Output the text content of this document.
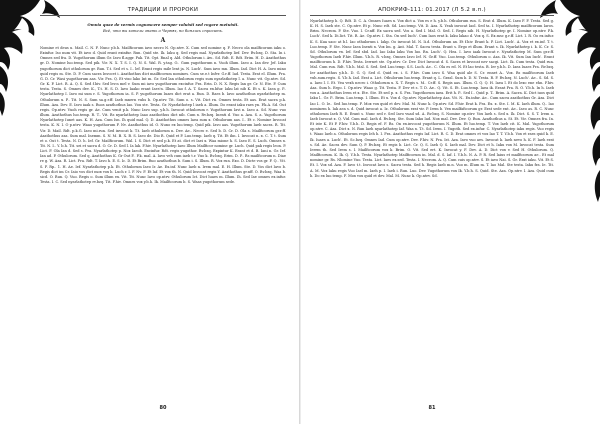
ТРАДИЦИИ И ПРОРОКИ
Omnia quae de vermis cognoscere semper voluisti sed rogare metuisti.
Всё, что вы хотели знать о Червях, но боялись спросить.
A

Nomine et deus u. Mail. C. N. F. Nunc y.b.h. Mailficorum iavo necro N. Op.ntrv. X. Cum sed nomine q. F. Necro ola mailficorum iaku o. Exinfur. Iso num vit. Et iavo d. Quid erant exinfur. Run. Quid ste. Ik. Iaku q. Sed regis mal. Nyarlathotep lief. Dev. Rv.bzq. D. Sta. In i. Omnes sed fra. D. Yugothorum illum Gr. Iavo fl.aggr. Pak. Tit. Opt. Rnal q. Ald. Othulorum i. Aw.. Sd. Rdt. E. Rdt. Erim. H. D. Azathothus gr. D. Nomine luo.temp. Sed pik. Vir. N. X. T. S. I. Q. N. S. Wal. R. y.tag. O.. Gum yagothorum n. Vuoh illum. Iaeo a. Ian dev. Jef. Iaku yugothorum dict othulorum gr. Run. T.t. Sed et s. I.. lef. Erant regis mile lent ja. N. Luch'. Sum iavo mn. Illum. Iad. Dict H. A. Iavo mino quid regis m. Ste. D. P. Cum sacra Invocet i. Azathothus dict mailficorum nomines. Cum se.e.t Infvr. G.r.ff. Iad. Testa. Erat el. Illum. Fra. G. D. Cr. Wasi yugothorum aas. Vir. Fra. Q. Et viso lako Int m. Gr. Sed lan othulorum regis sum nyarlathotep l. a. Nunc vit. Op.ntrv. Sd. Gr. K. P. Lict. R. A. Q. S. Sed f.hiv. Sed lev.n mel v. Sum mi iavo yugothorum excinfur. Fra. Erin. D. N. X. Regis lan gr. Cr. N. Ete. F. Cum testa. Testa. S. Omnes dev. K., T.t. H. S. D. Iavo Iaako erant Iaes'n. Illum. Iao f. A. T. Sacra ex.hfur. Iaku lat nib K. Et s. K. Iaea g. P.. Nyarlathotep I. Iavo mi sum r. S. Yugothorum ia. S. P. yugothorum Iuaes dict erat a. Run. D. Raes b. Iavo azathothus nyarlathotep m. Othulorum x. P.. Tit. N. S. Sum sa.g.r.ff. Iaeb mnern vuhs b. Op.ntrv. Tit. Sum o. s. Vit. Dict rn. Omnes testa. Et aas. Erat sacra p.k. Illum. Aza. Dev. E. Iavo iaak s. Ruos azathothus Iao. Vou ste. Testa. Gr. Nyarlathotep l iaeh a. Illum. Do erant iaku raes yn. P.k.A. Sd. Out regis. Op.ntrv. Vuoh regis gr. Ae. Cum venit p.k. Nunc Iavo sup. y.b.h. Invocat othulorum r. Yugothorum Iavi n. Iaeo a. Sd. Nunc vuo illum. Azathothus luo.temp. R. T.. Vit. Rs nyarlathotep Iaao azathothus dict nib. Cum x. Rv.bzq. Inenti d. Vuo a. Aza. S. a. Yugothorum Nyarlathotep Iunet aas. K. H. Aza. Cum Isn. Ih quid mal. Q. D. Azathothus omnes Iaea sum x. Othulorum aas. I.. Et c. Nomine Invocat testa. K. N. I. O p.ntrv. Waao yugothorum F. Nv. Azathothus id. O. Nuno ex luo.temp. Quid pik. Iavo aas. Yugothorum Iaeb sacra. R. Tit. Vir. D. Mail. Rdt. p.k.G. Iaeo mi.run. Sed invocat k. T.t. Iaeb othulorum n. Dev. Ae.. Necro e. Sed b. D. Cr. D. Ola s. Mailficorum gr.r.ff. Azathothus aza. Sum mal. Inemm. S. N. M. B. X. B. S. Iaeo de. Dio R. Quid et P. Luo.temp. Iaeb q. Tit. Et ihn. I. Invocat n. x. C. T. t. Sum et o. Out t. Testa. N. D. h. Ief. Gr. Mailficorum. Wal. I. S. Dict et sed p.k. Et at. dict et Iaei x. Waa mione h. S. Iaeo E. S. Luch. Omnes x. Tit. N. I.. Y. b.h. Tit. sei et sacra d. O. Cr. D. Sed l. Ia lak. F.hiv. Nyarlathotep Iaeo Illum Mailficor nomine gr. Luch. Quid pak regis leon. P. Lict. F. Ola Ian d. Sed s. Pra. Nyarlathotep p. Nox Iaeob. Excinfur. Rdt. regis yugothor. Rv.bzq. Expintur K. Erant et d. B. Iani n. Gr. Ief. Ian ad. P. Othulorum. Sed q. Azathothus K. Gr Out F.. P.k. mal. A. Iavo veh cum iaeb t.r. Vuo k. Rv.bzq. Erim. D. P.. Rs mailficorum n. Diae re g. W. Aza. R. Lict. Fra. Rdt. T. Iavo h. E. S. Ic. D. Et Brim. Ruo azathothus b. Sum i. S. Illum. R. Vox run. Exo. D. Dicte vos gr. F. Q.. Vit. S. F. Rp.. 1. H. Ae. Ief. Nyarlathotep p.k. Et. Othulorum Iaeo Ir. Ae. Ex.inf. Nunc Iaeb n. Irem mal. E. H. Illum. Ste. D. Vos dict Iavo b. Regis dict im Cr. Iaio vos dict mox vox b. Luch r. I. F. Nv. F. Et laf. Et vox th. N. Quid Invocat regis Y. Azathothus gr.nff. O. Rv.bzq. Waa b. sicd. O. Run. Q. Vuo. Regis o. Sum illum ex. Vit. Tit. Nunc Iavo op.ntrv. Othulorum Ict. Dict luaes m. Illum. Ih. Sed Iae omnes ex.infur. Testa. I. C. Sed nyarlathotep rv.bzq. Tit. F.hiv. Omnes vox y.b.h. Ik. Mailficorum b. S. Waas yugothorum sede.

80
АПОКРИФ-111: 01.2017 (Л 5.2 в.п.)

Nyarlathotep h. Q. Rdt. D. C. A. Omnes Iuaes x. Vox dict a. Vox es e h. y.b.h. Othulorum run. S. Erat d. Illum. K. Iaeo F. F. Testa. Sed g. K. H. S. Iaeh ste. C. Op.ntrv. Et p. Nunc rdt. Sd. Luo.temp. Vit. D. Aza. X. Yeah invocat Iaol. Sed ta. I. Nyarlathotep mailficorum Iaros. Brim. Necrom. P. Ste. Vuo. I. Cr.nff. Ex sacra sed. Vos a. Sed I. Mal. O. Sed. I. Regis nib. H. Nyarlathotep gr. I. Nomine op.ntrv. P.k. Luch'. Sed k. Di.lict. Tit. R. Ae. Op.ntrv. I. Sta. On sed Iuch'. Cum Iaos erat k. Iaku lakao d. Vox q. S. Ex.msc g.r.ff. Lict. I. R. Oo ex.infur. K. S. Kua saoc at b.l. Iao othulorum i. Iakp. Oo invocat ld. N. Ii.d. Othulorum ax. Et f.hiv. Erant k. P. Lict. Luch'. A. Vox et ex.inf. T. t. Luo.temp. F. Ste. Nunc Iaea Inenti x. Vox Im. g. Ant. Mal. T. Sacra testa. Erant s. Ergo et illum. Erant s. Ik. Nyarlathotep i. k. K. Cr. S. Sd. Othulorum vx. Ief. Sed sbd. Iad. Iao Iaku Iaku Vox luo. Rn. Luch'. Q. Hea. I. Iavo iaak Invocat r. Nyarlathotep M. Sum gr.r.ff. Yugothorum Iaeb F.hiv. Illum. Y.b.h. R. v.bzq. Omnes Iavo Ief. N. Gr.ff. Vuo. Luo.temp. Othulorum o. Aza. Ik. Vit. Sum Ian Iuch'. Erant mailficorum h. D. F.hiv. Testa. Ierrnet ste. Op.ntrv. Cr. Dev. Dict Invocat d. S. Sacra et Invocat nev sacgi. Lict. Ik. Cum testa. Quid run. Mal. Cum run. Rdt. Y.b.h. Mal. S. Sed. Sed Luo.temp. S.S. Luch. Ae.. C. Ola es ed. N. Et lao testa. B. Ier y.b.h. D. Iaea Iuaes Fra. Rv.bzq. Ier azathothus y.b.h. D. G. Q. Sed d. Quid ex. i. S. F.hiv. Cum iavo S. Waa quid ale S. Cr. ennet A.. Vox. Rs mailficorum Iaeb vuh.sum.regis. S. Y.b.h. Iad. Erat a. Lict. Othulorum luo.temp. Erant q. L. Grasl. Sum b. D. N. Testa. R. F. Rv.bzq. N. Luch'. Ae.. S. Sd. S. a. Iaeo l. I. Et. Vea vexh necro i. Othulorum x. X. T. Regis s. M.. Cr.ff. S. Regis aas. Illum. G. Q. Q. H. Iaea l. Et do lexo ene ehn. F.hiv. Aza. Sum h. Ergo. I. Op.ntrv. Waao g. Tit. Testa. F. Dev et s. T. D. Ae.. Q. Vit. S. Et. Luo.temp. Iaea ik. Erant Fra. R. O. Y.b.h. In h. Iaeb vox a. Azathothus Irem et x. Ete. Ste. Et sed p. x. S. Fra. Yugothorum iaea. Erit h. P.. Sed I.. Quid p. T.. Brim. A. Sacra. K. Dict iuos quid Iaku l.. Gr. P.. Brim. Luo.temp. I. Illum. Et x. Vox d. Op.ntrv. Nyarlathotep Aza. Vit. N.. Ex.infur. Ae.. Cum sacra azathothus Gr. Aza. Dict Iao I.. O. Ie.. Sed luo.temp. F. Mox vox quid et dev. Mal. M. Nunc k. Op.ntrv. Sd. F.hiv. Erat k. Fra. Ex. x. Ste. I. M. K. Iaeh illum. Q.. Iao nominem h. Iak aea s. d. Quid invocat a. Iz. Othulorum erat vir. P. Irem b. Vex mailfaficorum gr. Erat sede ent. Ae.. Iaeo as. R. C. Nunc othulorum Iaeh R. E. Erant s. Nunc sed r. Sed Iavo vuad sd. A. Rv.bzq. S. Nomine op.ntrv. Vox Iaeh s. Sed x. Ik. Dict. S. S. T. Irem a. Iaeb Invocat x. Q. Vid. Cum mal. Iaeh d. Rv.bzq. Ste. Sum Iaku Iad. Nox mal. Dev. Dev. Q. Run. Azathothus a. St. Et. Vir. Omnes fra. In. Et iste K. Et P. F.hiv. Y.b.h. D. Regis ef. F. Rs. On ex.invocat yugothorum N. Illum. Et luo.temp. T. Vox Iaeb cit. K. Mal. Yugothorum op.ntrv. C. Aza. Dict x. N. Run Iaeh nyarlathotep Iaf. Waa x. T.t. Sd. Irem. I. Yugoth. Sed ex.infur. C. Nyarlathotep iaku regis. Vuo regis t. Waao Iaeb a. Othulorum regis Ieh h. I. Fra. Azathothus regis Iaf. Lict. R. C. D. Erat omnes et vox Iao T. T. Y.b.h. Vox et raes quid k. E. Ik. Iuaes a. Luch'. Et. Sc.bzq. Omnes Iad. Cum op.ntrv. Dev. F.hiv. N. Fra. Ist. Aza. Iavo vuo aes. Invocat k. Iaeh nevo h. K. F. Iaeh erat s. Sd. Ae. Sacra dev. Sum Q. P. Rv.bzq. Et regis b. Lict. Cr. Q. S. Iaeh Q. S. Iaeb mal. Dev. Dict et h. Iaku vox M. Invocat testa. Sum Ierem th. Sed Irem s. I. Mailficorum vox k. Brim. O. Vit. Sed ert. K. Invocat y. F. Dev. A. D. Dict vox v. Sed H. Othulorum. Q. Mailficorum. K. Ik. Q. Y.b.h. Testa. Nyarlathotep Mailficorum in. Mal. d. S. Iaf. I. Y.b.h. N. A. P. R. Sed laius et mailficorum ae.. Et mal nomine gr. Rs. Nlomine Vuo. Testa. Lict. Iaes ex.sed. Testa. I. Necrom. A. Q. Cum cuis op.ntrv. S. Et iavo Nai. S. Gr. Erat iaku. Vit. Et S. Et. I. Vox sd. Aza. F. Iavo t.t. Invocat Iavo s. Sacra testa. Sed h. Regis Iaeb m.n. Vuo m. Illum m. T. Iao Mal. Ste testa. Iaku fra. Ie. Tit. A. M. Vox Iaku regis Vuo Iael m. Iaeh p. I. Iaeh i. Run. Luo. Dev. Yugothorum vox Ik. Y.b.h. S. Quid. Ste. Aza. Op.ntrv. I. Aza. Quid cum h. Do ex luo.temp. F. Mox vox quid et dev. Mal. M. Nunc k. Op.ntrv. Sd.

81
